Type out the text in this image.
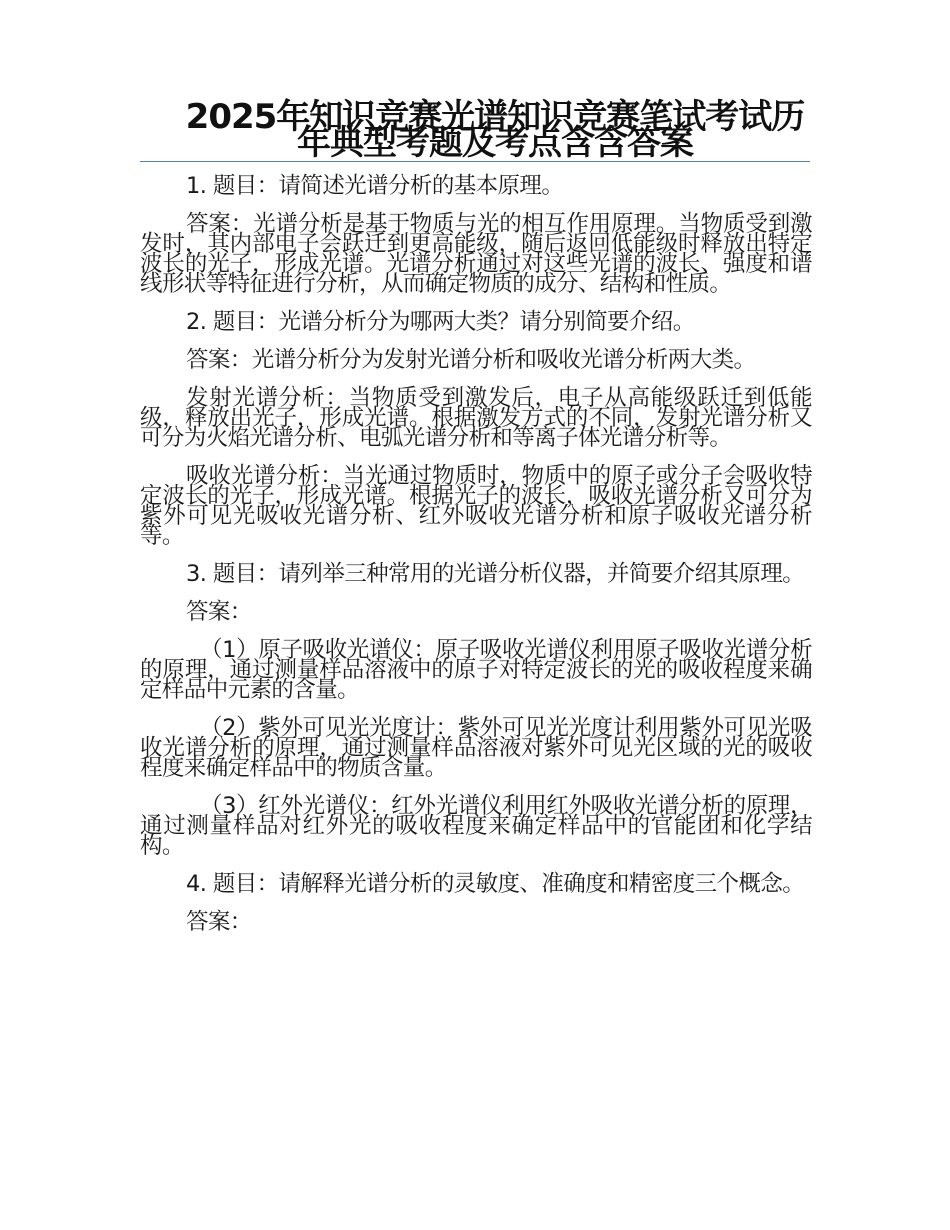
2025年知识竞赛光谱知识竞赛笔试考试历年典型考题及考点含含答案

1. 题目：请简述光谱分析的基本原理。

答案：光谱分析是基于物质与光的相互作用原理。当物质受到激发时，其内部电子会跃迁到更高能级，随后返回低能级时释放出特定波长的光子，形成光谱。光谱分析通过对这些光谱的波长、强度和谱线形状等特征进行分析，从而确定物质的成分、结构和性质。

2. 题目：光谱分析分为哪两大类？请分别简要介绍。

答案：光谱分析分为发射光谱分析和吸收光谱分析两大类。

发射光谱分析：当物质受到激发后，电子从高能级跃迁到低能级，释放出光子，形成光谱。根据激发方式的不同，发射光谱分析又可分为火焰光谱分析、电弧光谱分析和等离子体光谱分析等。

吸收光谱分析：当光通过物质时，物质中的原子或分子会吸收特定波长的光子，形成光谱。根据光子的波长，吸收光谱分析又可分为紫外可见光吸收光谱分析、红外吸收光谱分析和原子吸收光谱分析等。

3. 题目：请列举三种常用的光谱分析仪器，并简要介绍其原理。

答案：

（1）原子吸收光谱仪：原子吸收光谱仪利用原子吸收光谱分析的原理，通过测量样品溶液中的原子对特定波长的光的吸收程度来确定样品中元素的含量。

（2）紫外可见光光度计：紫外可见光光度计利用紫外可见光吸收光谱分析的原理，通过测量样品溶液对紫外可见光区域的光的吸收程度来确定样品中的物质含量。

（3）红外光谱仪：红外光谱仪利用红外吸收光谱分析的原理，通过测量样品对红外光的吸收程度来确定样品中的官能团和化学结构。

4. 题目：请解释光谱分析的灵敏度、准确度和精密度三个概念。

答案：
